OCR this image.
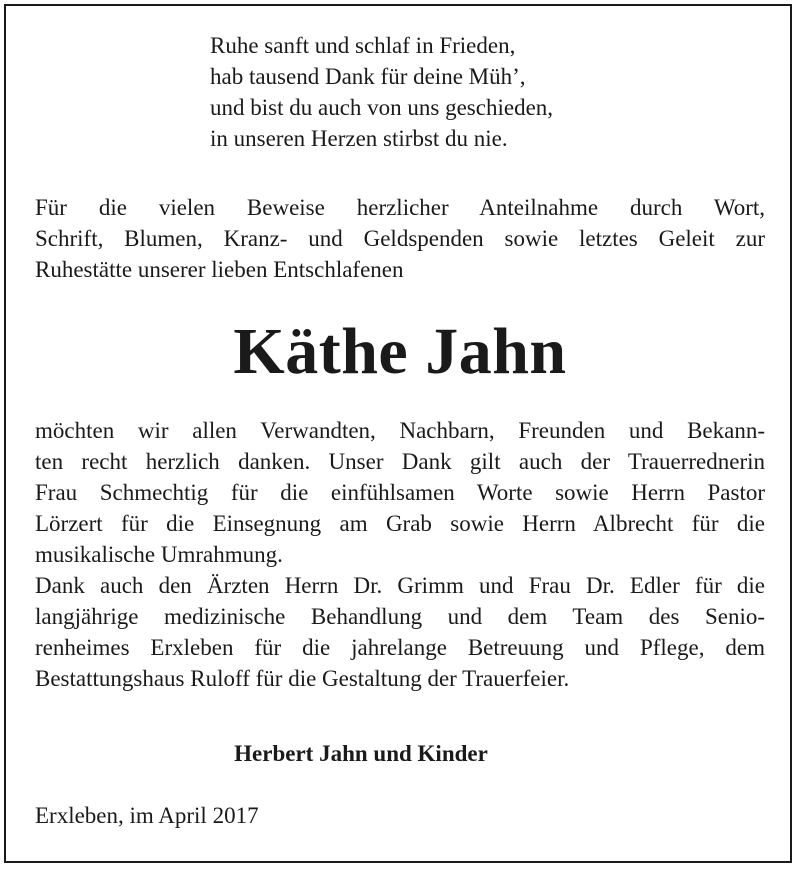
Ruhe sanft und schlaf in Frieden,
hab tausend Dank für deine Müh’,
und bist du auch von uns geschieden,
in unseren Herzen stirbst du nie.
Für die vielen Beweise herzlicher Anteilnahme durch Wort,
Schrift, Blumen, Kranz- und Geldspenden sowie letztes Geleit zur
Ruhestätte unserer lieben Entschlafenen
Käthe Jahn
möchten wir allen Verwandten, Nachbarn, Freunden und Bekann-
ten recht herzlich danken. Unser Dank gilt auch der Trauerrednerin
Frau Schmechtig für die einfühlsamen Worte sowie Herrn Pastor
Lörzert für die Einsegnung am Grab sowie Herrn Albrecht für die
musikalische Umrahmung.
Dank auch den Ärzten Herrn Dr. Grimm und Frau Dr. Edler für die
langjährige medizinische Behandlung und dem Team des Senio-
renheimes Erxleben für die jahrelange Betreuung und Pflege, dem
Bestattungshaus Ruloff für die Gestaltung der Trauerfeier.
Herbert Jahn und Kinder
Erxleben, im April 2017
